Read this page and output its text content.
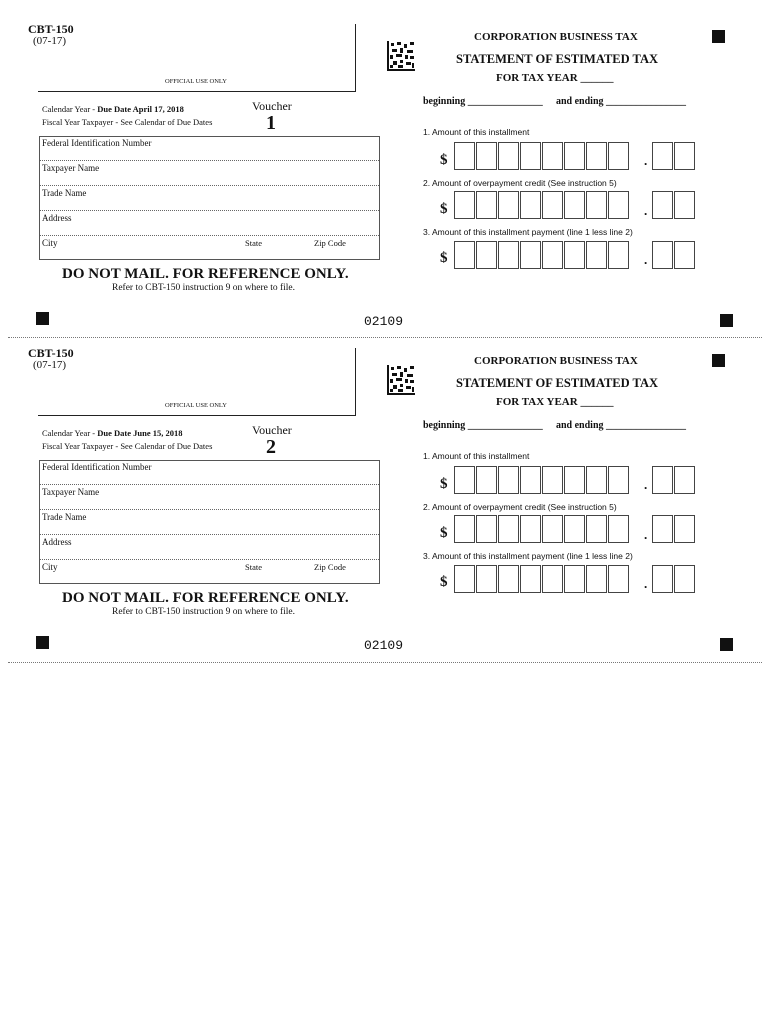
CBT-150
(07-17)
OFFICIAL USE ONLY
Calendar Year - Due Date April 17, 2018
Fiscal Year Taxpayer - See Calendar of Due Dates
Voucher
1
Federal Identification Number
Taxpayer Name
Trade Name
Address
City	State	Zip Code
DO NOT MAIL. FOR REFERENCE ONLY.
Refer to CBT-150 instruction 9 on where to file.
02109
CORPORATION BUSINESS TAX
STATEMENT OF ESTIMATED TAX
FOR TAX YEAR ______
beginning _______________ and ending ________________
1. Amount of this installment
$	.
2. Amount of overpayment credit (See instruction 5)
$	.
3. Amount of this installment payment (line 1 less line 2)
$	.
CBT-150
(07-17)
OFFICIAL USE ONLY
Calendar Year - Due Date June 15, 2018
Fiscal Year Taxpayer - See Calendar of Due Dates
Voucher
2
Federal Identification Number
Taxpayer Name
Trade Name
Address
City	State	Zip Code
DO NOT MAIL. FOR REFERENCE ONLY.
Refer to CBT-150 instruction 9 on where to file.
02109
CORPORATION BUSINESS TAX
STATEMENT OF ESTIMATED TAX
FOR TAX YEAR ______
beginning _______________ and ending ________________
1. Amount of this installment
$	.
2. Amount of overpayment credit (See instruction 5)
$	.
3. Amount of this installment payment (line 1 less line 2)
$	.
